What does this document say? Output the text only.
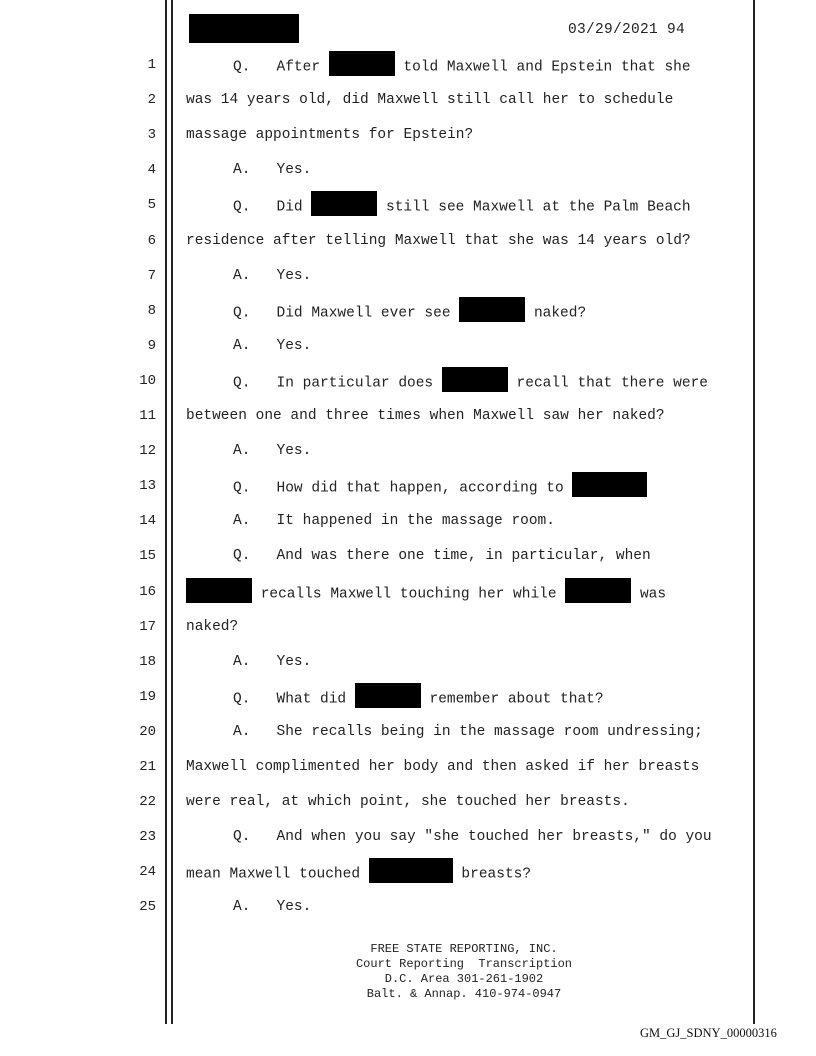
03/29/2021 94
1	Q.   After	told Maxwell and Epstein that she
2 was 14 years old, did Maxwell still call her to schedule
3 massage appointments for Epstein?
4	A.   Yes.
5	Q.   Did	still see Maxwell at the Palm Beach
6 residence after telling Maxwell that she was 14 years old?
7	A.   Yes.
8	Q.   Did Maxwell ever see	naked?
9	A.   Yes.
10	Q.   In particular does	recall that there were
11 between one and three times when Maxwell saw her naked?
12	A.   Yes.
13	Q.   How did that happen, according to
14	A.   It happened in the massage room.
15	Q.   And was there one time, in particular, when
16	recalls Maxwell touching her while	was
17 naked?
18	A.   Yes.
19	Q.   What did	remember about that?
20	A.   She recalls being in the massage room undressing;
21 Maxwell complimented her body and then asked if her breasts
22 were real, at which point, she touched her breasts.
23	Q.   And when you say "she touched her breasts," do you
24 mean Maxwell touched	breasts?
25	A.   Yes.
FREE STATE REPORTING, INC.
Court Reporting  Transcription
D.C. Area 301-261-1902
Balt. & Annap. 410-974-0947
GM_GJ_SDNY_00000316
